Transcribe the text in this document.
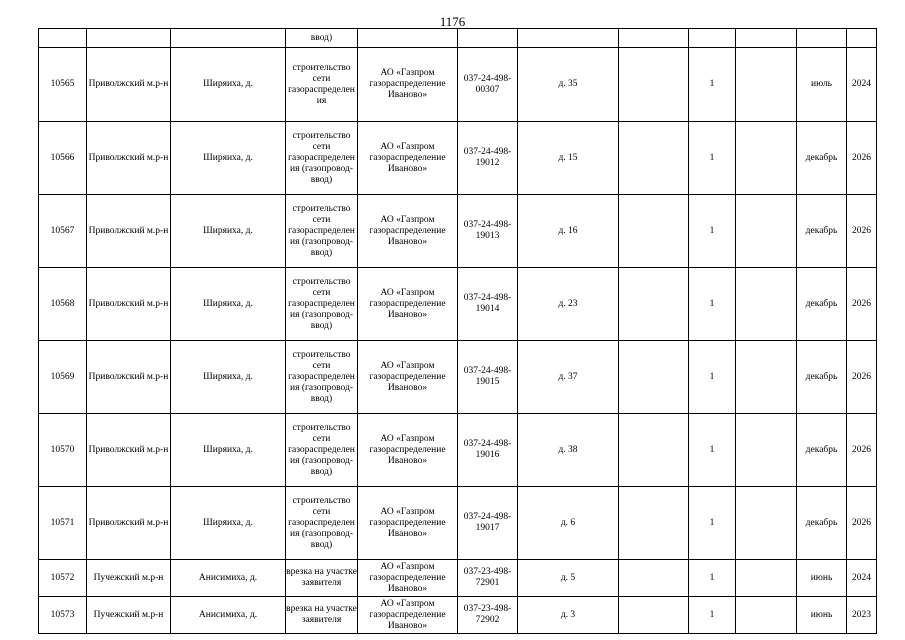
1176
			ввод)								
10565	Приволжский м.р-н	Ширяиха, д.	строительство сети газораспределения	АО «Газпром газораспределение Иваново»	037-24-498-00307	д. 35		1		июль	2024
10566	Приволжский м.р-н	Ширяиха, д.	строительство сети газораспределения (газопровод-ввод)	АО «Газпром газораспределение Иваново»	037-24-498-19012	д. 15		1		декабрь	2026
10567	Приволжский м.р-н	Ширяиха, д.	строительство сети газораспределения (газопровод-ввод)	АО «Газпром газораспределение Иваново»	037-24-498-19013	д. 16		1		декабрь	2026
10568	Приволжский м.р-н	Ширяиха, д.	строительство сети газораспределения (газопровод-ввод)	АО «Газпром газораспределение Иваново»	037-24-498-19014	д. 23		1		декабрь	2026
10569	Приволжский м.р-н	Ширяиха, д.	строительство сети газораспределения (газопровод-ввод)	АО «Газпром газораспределение Иваново»	037-24-498-19015	д. 37		1		декабрь	2026
10570	Приволжский м.р-н	Ширяиха, д.	строительство сети газораспределения (газопровод-ввод)	АО «Газпром газораспределение Иваново»	037-24-498-19016	д. 38		1		декабрь	2026
10571	Приволжский м.р-н	Ширяиха, д.	строительство сети газораспределения (газопровод-ввод)	АО «Газпром газораспределение Иваново»	037-24-498-19017	д. 6		1		декабрь	2026
10572	Пучежский м.р-н	Анисимиха, д.	врезка на участке заявителя	АО «Газпром газораспределение Иваново»	037-23-498-72901	д. 5		1		июнь	2024
10573	Пучежский м.р-н	Анисимиха, д.	врезка на участке заявителя	АО «Газпром газораспределение Иваново»	037-23-498-72902	д. 3		1		июнь	2023
